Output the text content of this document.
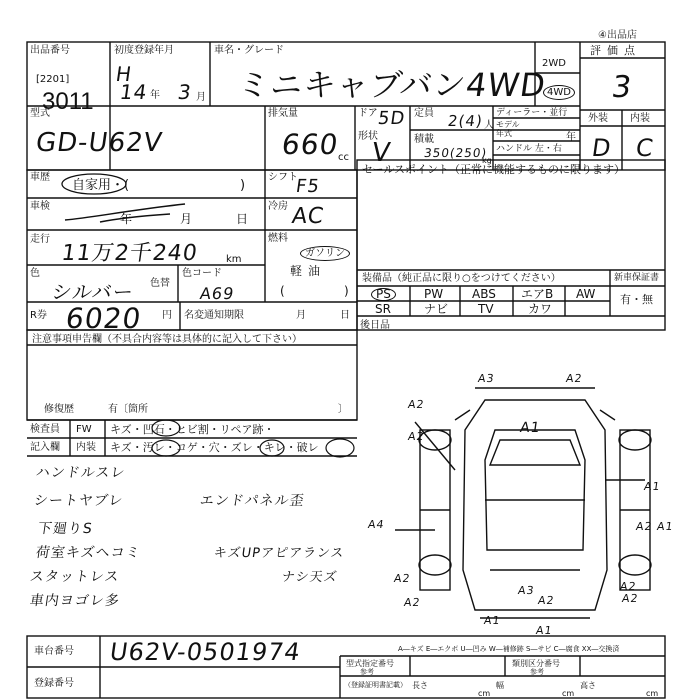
出品番号
[2201]
3011
初度登録年月
H
14 年 3 月
車名・グレード
ミニキャブバン4WD
2WD
4WD
評価点
3
④出品店
型式
GD-U62V
排気量
660
cc
ドア
5D
形状
V
定員 2(4) 人
積載
350(250)
kg
ディーラー・並行
モデル年式	年
ハンドル 左・右
外装 内装
D C
車歴
自家用・(	)
シフト
F5
車検
年	月	日
冷房 AC
走行
11万2千240	km
燃料
ガソリン
軽油
(	)
色
シルバー 色替
色コード
A69
R券 6020 円 名変通知期限	月	日
セールスポイント（正常に機能するものに限ります）
装備品（純正品に限り○をつけてください）	新車保証書
有・無
PS	PW ABS エアB AW
SR	ナビ TV	カワ
後日品
注意事項申告欄（不具合内容等は具体的に記入して下さい）
修復歴	有〔箇所	〕
検査員
記入欄
FW
内装
キズ・凹石・ヒビ割・リペア跡・
キズ・汚レ・コゲ・穴・ズレ・キレ・破レ
ハンドルスレ
シートヤブレ	エンドパネル歪
下廻りS
荷室キズヘコミ	キズUPアピアランス
スタットレス	ナシ天ズ
車内ヨゴレ多
A3	A2
A2
A1
A2
A1
A4	A2 A1
A2
A2
A3
A2
A2	A2
A1
A1
A―キズ E―エクボ U―凹み W―補修跡 S―サビ C―腐食 XX―交換済
車台番号 U62V-0501974
登録番号
型式指定番号
参考
類別区分番号
参考
（登録証明書記載） 長さ
cm
幅
cm
高さ
cm
